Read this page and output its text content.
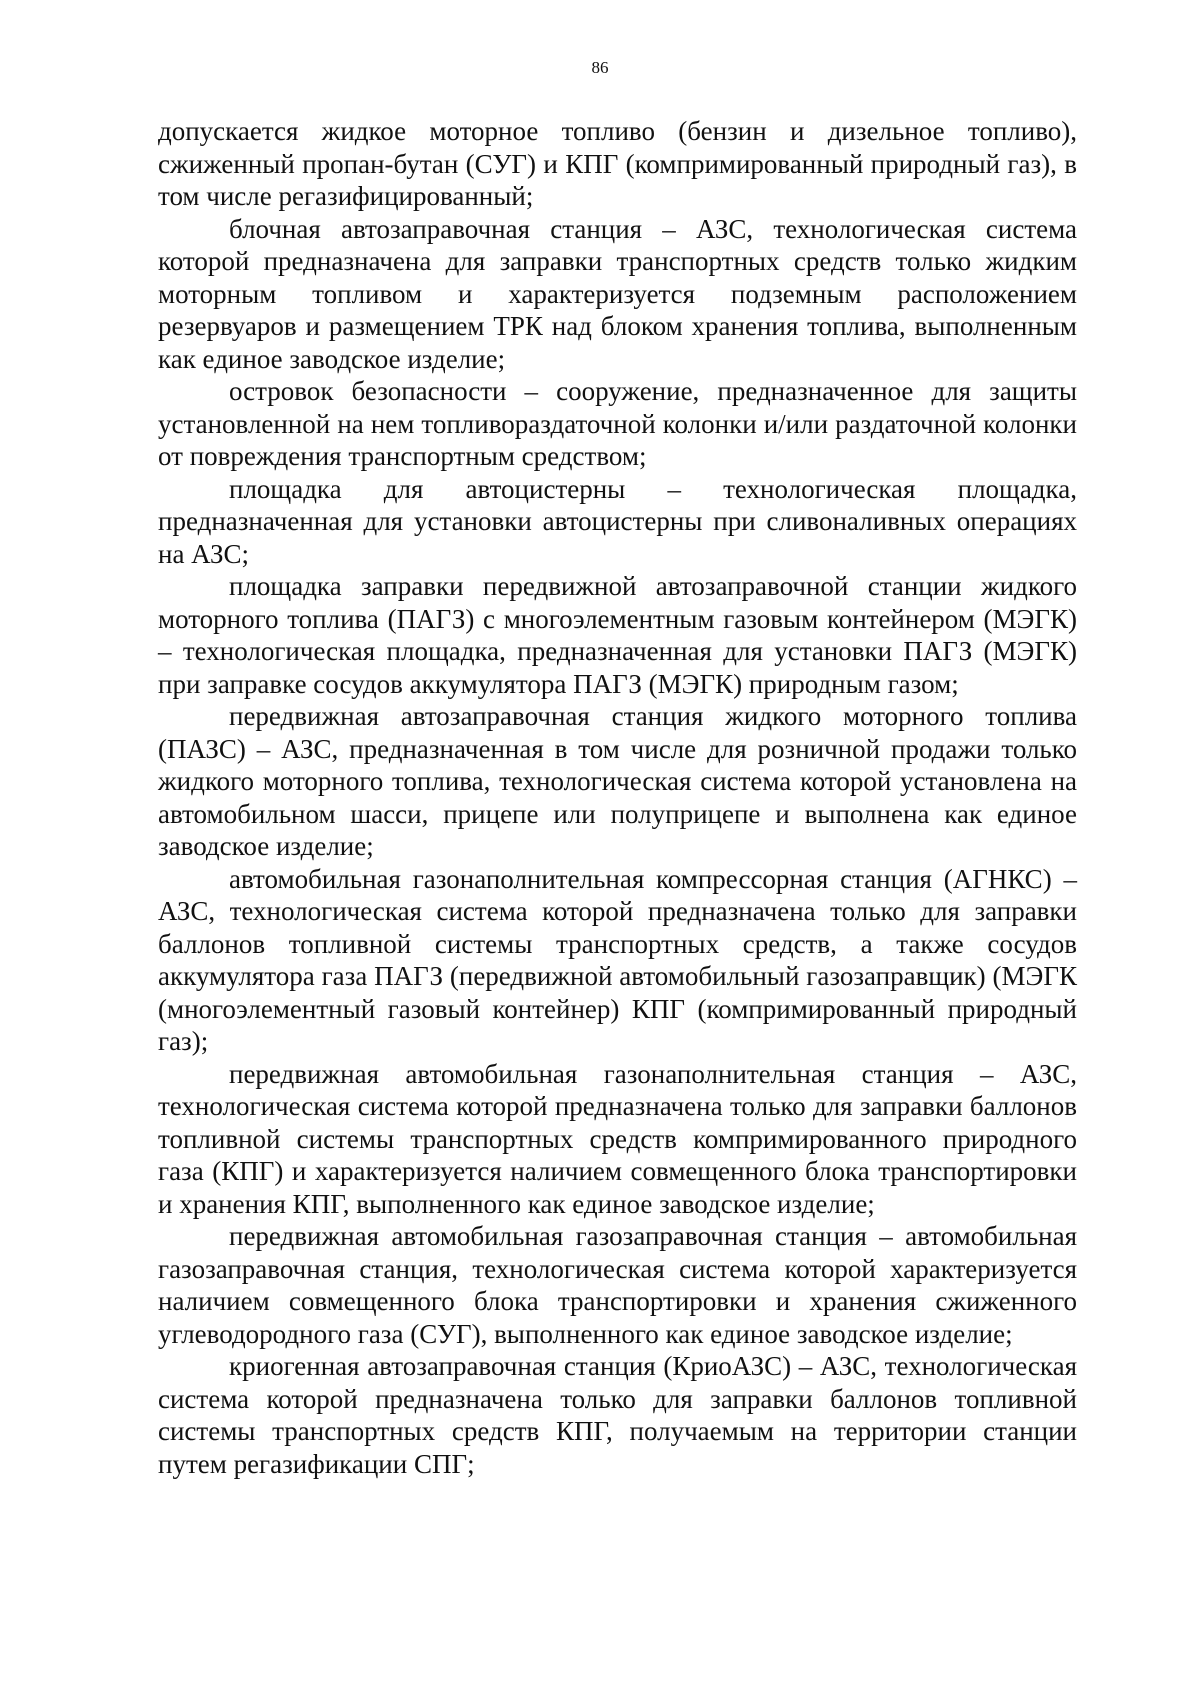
86

допускается жидкое моторное топливо (бензин и дизельное топливо), сжиженный пропан-бутан (СУГ) и КПГ (компримированный природный газ), в том числе регазифицированный;

блочная автозаправочная станция – АЗС, технологическая система которой предназначена для заправки транспортных средств только жидким моторным топливом и характеризуется подземным расположением резервуаров и размещением ТРК над блоком хранения топлива, выполненным как единое заводское изделие;

островок безопасности – сооружение, предназначенное для защиты установленной на нем топливораздаточной колонки и/или раздаточной колонки от повреждения транспортным средством;

площадка для автоцистерны – технологическая площадка, предназначенная для установки автоцистерны при сливоналивных операциях на АЗС;

площадка заправки передвижной автозаправочной станции жидкого моторного топлива (ПАГЗ) с многоэлементным газовым контейнером (МЭГК) – технологическая площадка, предназначенная для установки ПАГЗ (МЭГК) при заправке сосудов аккумулятора ПАГЗ (МЭГК) природным газом;

передвижная автозаправочная станция жидкого моторного топлива (ПАЗС) – АЗС, предназначенная в том числе для розничной продажи только жидкого моторного топлива, технологическая система которой установлена на автомобильном шасси, прицепе или полуприцепе и выполнена как единое заводское изделие;

автомобильная газонаполнительная компрессорная станция (АГНКС) – АЗС, технологическая система которой предназначена только для заправки баллонов топливной системы транспортных средств, а также сосудов аккумулятора газа ПАГЗ (передвижной автомобильный газозаправщик) (МЭГК (многоэлементный газовый контейнер) КПГ (компримированный природный газ);

передвижная автомобильная газонаполнительная станция – АЗС, технологическая система которой предназначена только для заправки баллонов топливной системы транспортных средств компримированного природного газа (КПГ) и характеризуется наличием совмещенного блока транспортировки и хранения КПГ, выполненного как единое заводское изделие;

передвижная автомобильная газозаправочная станция – автомобильная газозаправочная станция, технологическая система которой характеризуется наличием совмещенного блока транспортировки и хранения сжиженного углеводородного газа (СУГ), выполненного как единое заводское изделие;

криогенная автозаправочная станция (КриоАЗС) – АЗС, технологическая система которой предназначена только для заправки баллонов топливной системы транспортных средств КПГ, получаемым на территории станции путем регазификации СПГ;
